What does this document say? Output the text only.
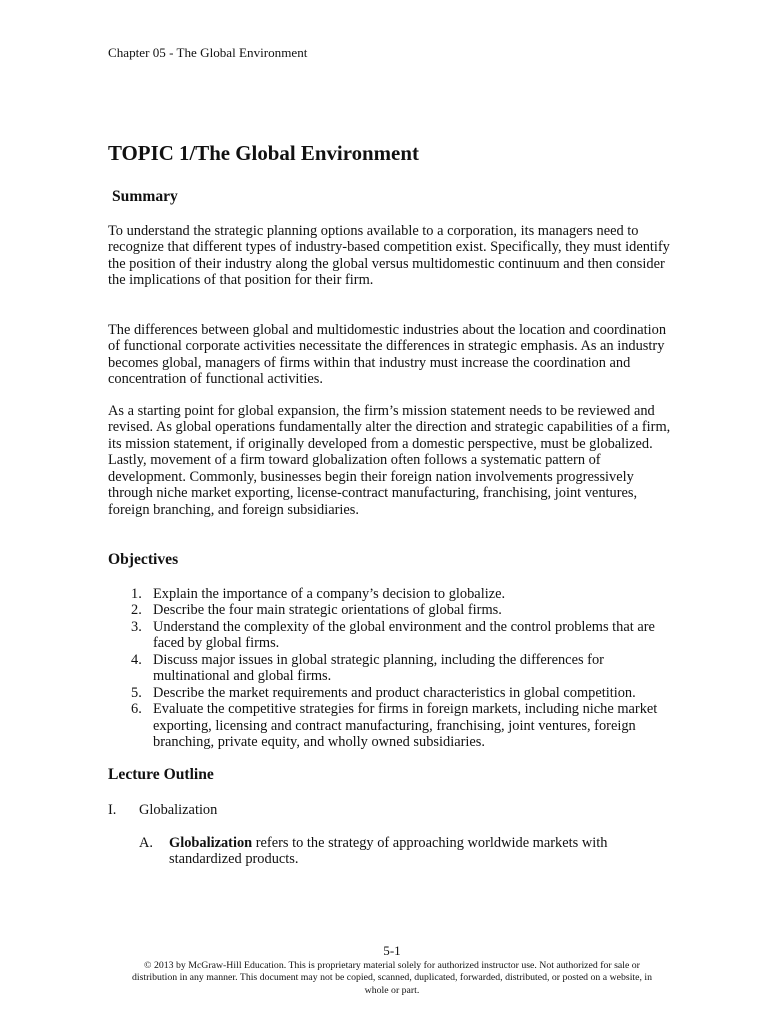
Chapter 05 - The Global Environment
TOPIC 1/The Global Environment
Summary

To understand the strategic planning options available to a corporation, its managers need to
recognize that different types of industry-based competition exist. Specifically, they must identify
the position of their industry along the global versus multidomestic continuum and then consider
the implications of that position for their firm.

The differences between global and multidomestic industries about the location and coordination
of functional corporate activities necessitate the differences in strategic emphasis. As an industry
becomes global, managers of firms within that industry must increase the coordination and
concentration of functional activities.

As a starting point for global expansion, the firm’s mission statement needs to be reviewed and
revised. As global operations fundamentally alter the direction and strategic capabilities of a firm,
its mission statement, if originally developed from a domestic perspective, must be globalized.
Lastly, movement of a firm toward globalization often follows a systematic pattern of
development. Commonly, businesses begin their foreign nation involvements progressively
through niche market exporting, license-contract manufacturing, franchising, joint ventures,
foreign branching, and foreign subsidiaries.

Objectives
1. Explain the importance of a company’s decision to globalize.
2. Describe the four main strategic orientations of global firms.
3. Understand the complexity of the global environment and the control problems that are
faced by global firms.
4. Discuss major issues in global strategic planning, including the differences for
multinational and global firms.
5. Describe the market requirements and product characteristics in global competition.
6. Evaluate the competitive strategies for firms in foreign markets, including niche market
exporting, licensing and contract manufacturing, franchising, joint ventures, foreign
branching, private equity, and wholly owned subsidiaries.
Lecture Outline
I.	Globalization
A.	Globalization refers to the strategy of approaching worldwide markets with
standardized products.
5-1
© 2013 by McGraw-Hill Education. This is proprietary material solely for authorized instructor use. Not authorized for sale or
distribution in any manner. This document may not be copied, scanned, duplicated, forwarded, distributed, or posted on a website, in
whole or part.
